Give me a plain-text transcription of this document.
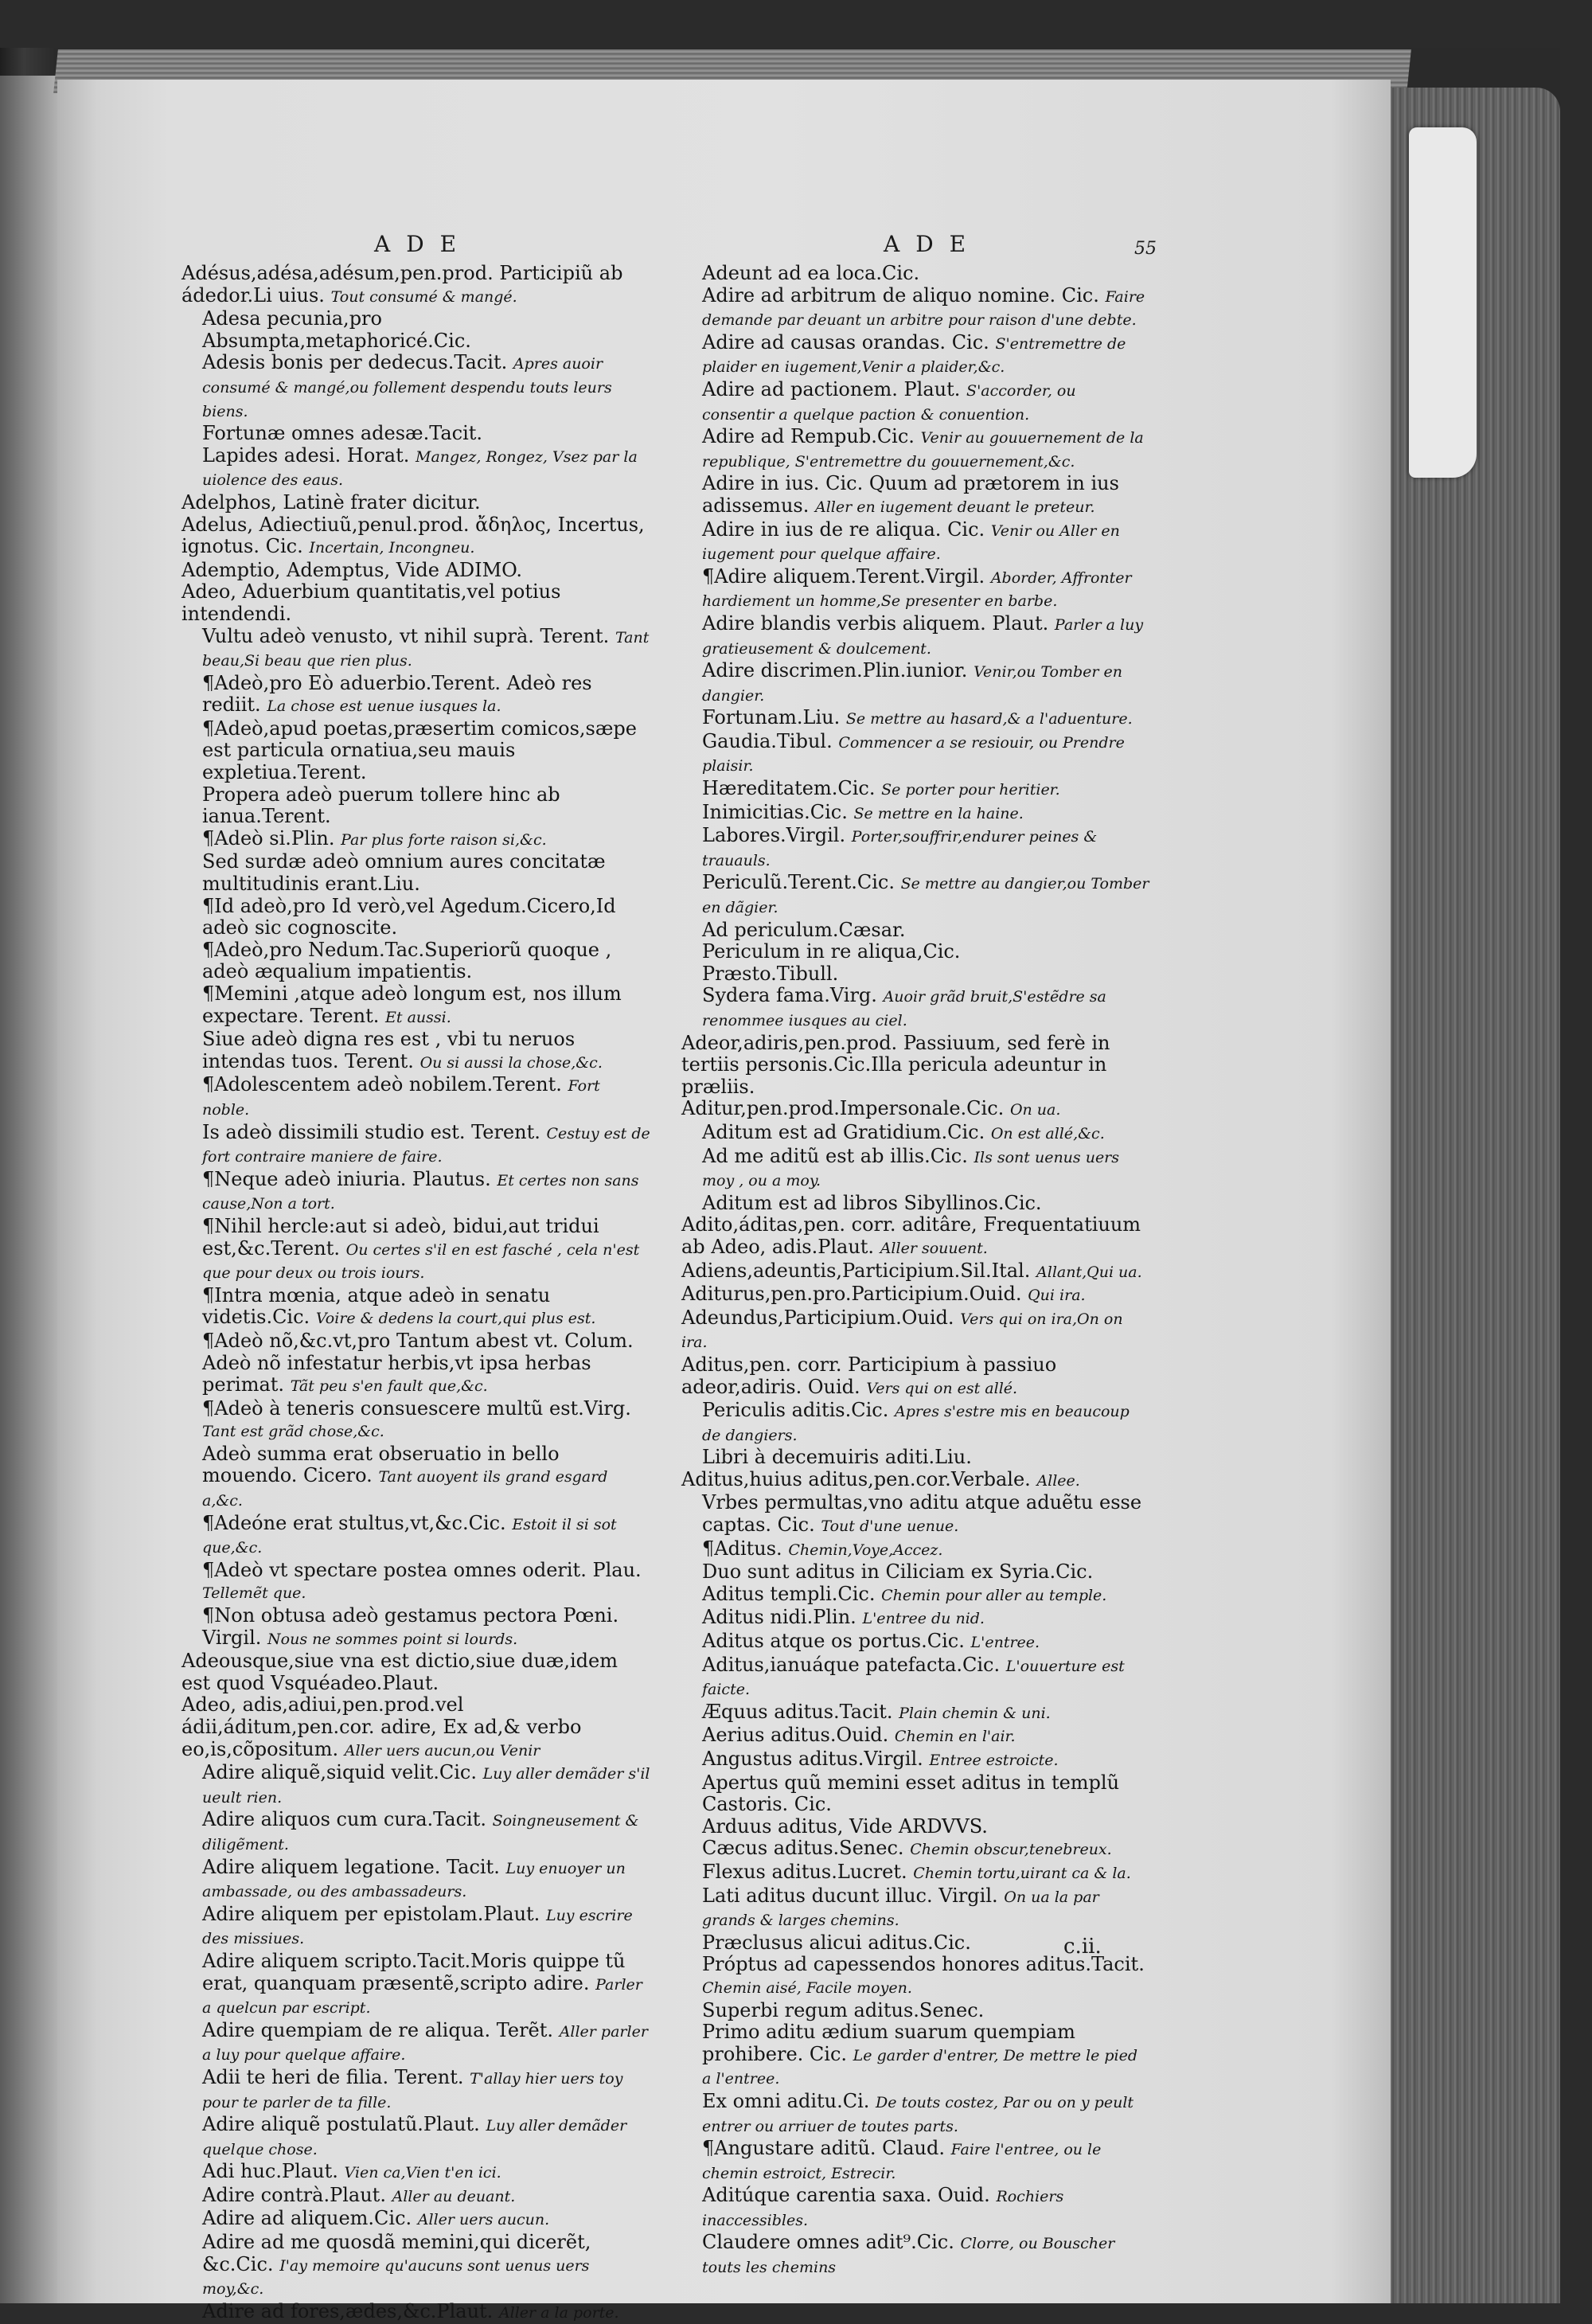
ADE	ADE	55

Adésus,adésa,adésum,pen.prod. Participiũ ab ádedor.Li uius. Tout consumé & mangé.

Adesa pecunia,pro Absumpta,metaphoricé.Cic.

Adesis bonis per dedecus.Tacit. Apres auoir consumé & mangé,ou follement despendu touts leurs biens.

Fortunæ omnes adesæ.Tacit.

Lapides adesi. Horat. Mangez, Rongez, Vsez par la uiolence des eaus.

Adelphos, Latinè frater dicitur.

Adelus, Adiectiuũ,penul.prod. ἄδηλος, Incertus, ignotus. Cic. Incertain, Incongneu.

Ademptio, Ademptus, Vide ADIMO.

Adeo, Aduerbium quantitatis,vel potius intendendi.

Vultu adeò venusto, vt nihil suprà. Terent. Tant beau,Si beau que rien plus.

¶Adeò,pro Eò aduerbio.Terent. Adeò res rediit. La chose est uenue iusques la.

¶Adeò,apud poetas,præsertim comicos,sæpe est particula ornatiua,seu mauis expletiua.Terent.

Propera adeò puerum tollere hinc ab ianua.Terent.

¶Adeò si.Plin. Par plus forte raison si,&c.

Sed surdæ adeò omnium aures concitatæ multitudinis erant.Liu.

¶Id adeò,pro Id verò,vel Agedum.Cicero,Id adeò sic cognoscite.

¶Adeò,pro Nedum.Tac.Superiorũ quoque , adeò æqualium impatientis.

¶Memini ,atque adeò longum est, nos illum expectare. Terent. Et aussi.

Siue adeò digna res est , vbi tu neruos intendas tuos. Terent. Ou si aussi la chose,&c.

¶Adolescentem adeò nobilem.Terent. Fort noble.

Is adeò dissimili studio est. Terent. Cestuy est de fort contraire maniere de faire.

¶Neque adeò iniuria. Plautus. Et certes non sans cause,Non a tort.

¶Nihil hercle:aut si adeò, bidui,aut tridui est,&c.Terent. Ou certes s'il en est fasché , cela n'est que pour deux ou trois iours.

¶Intra mœnia, atque adeò in senatu videtis.Cic. Voire & dedens la court,qui plus est.

¶Adeò nõ,&c.vt,pro Tantum abest vt. Colum. Adeò nõ infestatur herbis,vt ipsa herbas perimat. Tãt peu s'en fault que,&c.

¶Adeò à teneris consuescere multũ est.Virg. Tant est grãd chose,&c.

Adeò summa erat obseruatio in bello mouendo. Cicero. Tant auoyent ils grand esgard a,&c.

¶Adeóne erat stultus,vt,&c.Cic. Estoit il si sot que,&c.

¶Adeò vt spectare postea omnes oderit. Plau. Tellemẽt que.

¶Non obtusa adeò gestamus pectora Pœni. Virgil. Nous ne sommes point si lourds.

Adeousque,siue vna est dictio,siue duæ,idem est quod Vsquéadeo.Plaut.

Adeo, adis,adiui,pen.prod.vel ádii,áditum,pen.cor. adire, Ex ad,& verbo eo,is,cõpositum. Aller uers aucun,ou Venir

Adire aliquẽ,siquid velit.Cic. Luy aller demãder s'il ueult rien.

Adire aliquos cum cura.Tacit. Soingneusement & diligẽment.

Adire aliquem legatione. Tacit. Luy enuoyer un ambassade, ou des ambassadeurs.

Adire aliquem per epistolam.Plaut. Luy escrire des missiues.

Adire aliquem scripto.Tacit.Moris quippe tũ erat, quanquam præsentẽ,scripto adire. Parler a quelcun par escript.

Adire quempiam de re aliqua. Terẽt. Aller parler a luy pour quelque affaire.

Adii te heri de filia. Terent. T'allay hier uers toy pour te parler de ta fille.

Adire aliquẽ postulatũ.Plaut. Luy aller demãder quelque chose.

Adi huc.Plaut. Vien ca,Vien t'en ici.

Adire contrà.Plaut. Aller au deuant.

Adire ad aliquem.Cic. Aller uers aucun.

Adire ad me quosdã memini,qui dicerẽt, &c.Cic. I'ay memoire qu'aucuns sont uenus uers moy,&c.

Adire ad fores,ædes,&c.Plaut. Aller a la porte.

Adeunt ad ea loca.Cic.

Adire ad arbitrum de aliquo nomine. Cic. Faire demande par deuant un arbitre pour raison d'une debte.

Adire ad causas orandas. Cic. S'entremettre de plaider en iugement,Venir a plaider,&c.

Adire ad pactionem. Plaut. S'accorder, ou consentir a quelque paction & conuention.

Adire ad Rempub.Cic. Venir au gouuernement de la republique, S'entremettre du gouuernement,&c.

Adire in ius. Cic. Quum ad prætorem in ius adissemus. Aller en iugement deuant le preteur.

Adire in ius de re aliqua. Cic. Venir ou Aller en iugement pour quelque affaire.

¶Adire aliquem.Terent.Virgil. Aborder, Affronter hardiement un homme,Se presenter en barbe.

Adire blandis verbis aliquem. Plaut. Parler a luy gratieusement & doulcement.

Adire discrimen.Plin.iunior. Venir,ou Tomber en dangier.

Fortunam.Liu. Se mettre au hasard,& a l'aduenture.

Gaudia.Tibul. Commencer a se resiouir, ou Prendre plaisir.

Hæreditatem.Cic. Se porter pour heritier.

Inimicitias.Cic. Se mettre en la haine.

Labores.Virgil. Porter,souffrir,endurer peines & trauauls.

Periculũ.Terent.Cic. Se mettre au dangier,ou Tomber en dãgier.

Ad periculum.Cæsar.

Periculum in re aliqua,Cic.

Præsto.Tibull.

Sydera fama.Virg. Auoir grãd bruit,S'estẽdre sa renommee iusques au ciel.

Adeor,adiris,pen.prod. Passiuum, sed ferè in tertiis personis.Cic.Illa pericula adeuntur in præliis.

Aditur,pen.prod.Impersonale.Cic. On ua.

Aditum est ad Gratidium.Cic. On est allé,&c.

Ad me aditũ est ab illis.Cic. Ils sont uenus uers moy , ou a moy.

Aditum est ad libros Sibyllinos.Cic.

Adito,áditas,pen. corr. aditâre, Frequentatiuum ab Adeo, adis.Plaut. Aller souuent.

Adiens,adeuntis,Participium.Sil.Ital. Allant,Qui ua.

Aditurus,pen.pro.Participium.Ouid. Qui ira.

Adeundus,Participium.Ouid. Vers qui on ira,On on ira.

Aditus,pen. corr. Participium à passiuo adeor,adiris. Ouid. Vers qui on est allé.

Periculis aditis.Cic. Apres s'estre mis en beaucoup de dangiers.

Libri à decemuiris aditi.Liu.

Aditus,huius aditus,pen.cor.Verbale. Allee.

Vrbes permultas,vno aditu atque aduẽtu esse captas. Cic. Tout d'une uenue.

¶Aditus. Chemin,Voye,Accez.

Duo sunt aditus in Ciliciam ex Syria.Cic.

Aditus templi.Cic. Chemin pour aller au temple.

Aditus nidi.Plin. L'entree du nid.

Aditus atque os portus.Cic. L'entree.

Aditus,ianuáque patefacta.Cic. L'ouuerture est faicte.

Æquus aditus.Tacit. Plain chemin & uni.

Aerius aditus.Ouid. Chemin en l'air.

Angustus aditus.Virgil. Entree estroicte.

Apertus quũ memini esset aditus in templũ Castoris. Cic.

Arduus aditus, Vide ARDVVS.

Cæcus aditus.Senec. Chemin obscur,tenebreux.

Flexus aditus.Lucret. Chemin tortu,uirant ca & la.

Lati aditus ducunt illuc. Virgil. On ua la par grands & larges chemins.

Præclusus alicui aditus.Cic.

Próptus ad capessendos honores aditus.Tacit. Chemin aisé, Facile moyen.

Superbi regum aditus.Senec.

Primo aditu ædium suarum quempiam prohibere. Cic. Le garder d'entrer, De mettre le pied a l'entree.

Ex omni aditu.Ci. De touts costez, Par ou on y peult entrer ou arriuer de toutes parts.

¶Angustare aditũ. Claud. Faire l'entree, ou le chemin estroict, Estrecir.

Aditúque carentia saxa. Ouid. Rochiers inaccessibles.

Claudere omnes adit⁹.Cic. Clorre, ou Bouscher touts les chemins

c.ii.
